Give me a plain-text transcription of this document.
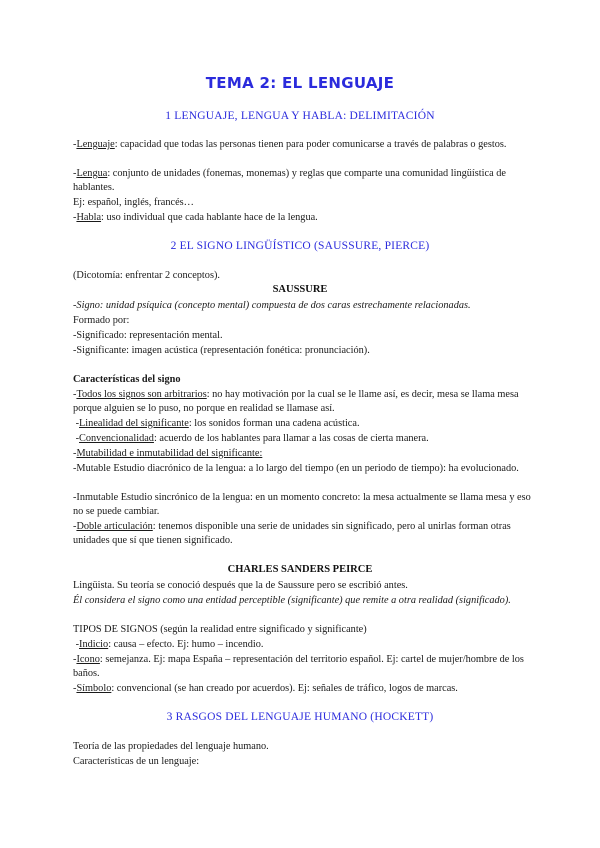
TEMA 2: EL LENGUAJE
1 LENGUAJE, LENGUA Y HABLA: DELIMITACIÓN
-Lenguaje: capacidad que todas las personas tienen para poder comunicarse a través de palabras o gestos.
-Lengua: conjunto de unidades (fonemas, monemas) y reglas que comparte una comunidad lingüística de hablantes.
Ej: español, inglés, francés…
-Habla: uso individual que cada hablante hace de la lengua.
2 EL SIGNO LINGÜÍSTICO (SAUSSURE, PIERCE)
(Dicotomía: enfrentar 2 conceptos).
SAUSSURE
-Signo: unidad psíquica (concepto mental) compuesta de dos caras estrechamente relacionadas.
Formado por:
-Significado: representación mental.
-Significante: imagen acústica (representación fonética: pronunciación).
Características del signo
-Todos los signos son arbitrarios: no hay motivación por la cual se le llame así, es decir, mesa se llama mesa porque alguien se lo puso, no porque en realidad se llamase así.
-Linealidad del significante: los sonidos forman una cadena acústica.
-Convencionalidad: acuerdo de los hablantes para llamar a las cosas de cierta manera.
-Mutabilidad e inmutabilidad del significante:
-Mutable Estudio diacrónico de la lengua: a lo largo del tiempo (en un periodo de tiempo): ha evolucionado.
-Inmutable Estudio sincrónico de la lengua: en un momento concreto: la mesa actualmente se llama mesa y eso no se puede cambiar.
-Doble articulación: tenemos disponible una serie de unidades sin significado, pero al unirlas forman otras unidades que sí que tienen significado.
CHARLES SANDERS PEIRCE
Lingüista. Su teoría se conoció después que la de Saussure pero se escribió antes.
Él considera el signo como una entidad perceptible (significante) que remite a otra realidad (significado).
TIPOS DE SIGNOS (según la realidad entre significado y significante)
-Indicio: causa – efecto. Ej: humo – incendio.
-Icono: semejanza. Ej: mapa España – representación del territorio español. Ej: cartel de mujer/hombre de los baños.
-Símbolo: convencional (se han creado por acuerdos). Ej: señales de tráfico, logos de marcas.
3 RASGOS DEL LENGUAJE HUMANO (HOCKETT)
Teoría de las propiedades del lenguaje humano.
Características de un lenguaje:
